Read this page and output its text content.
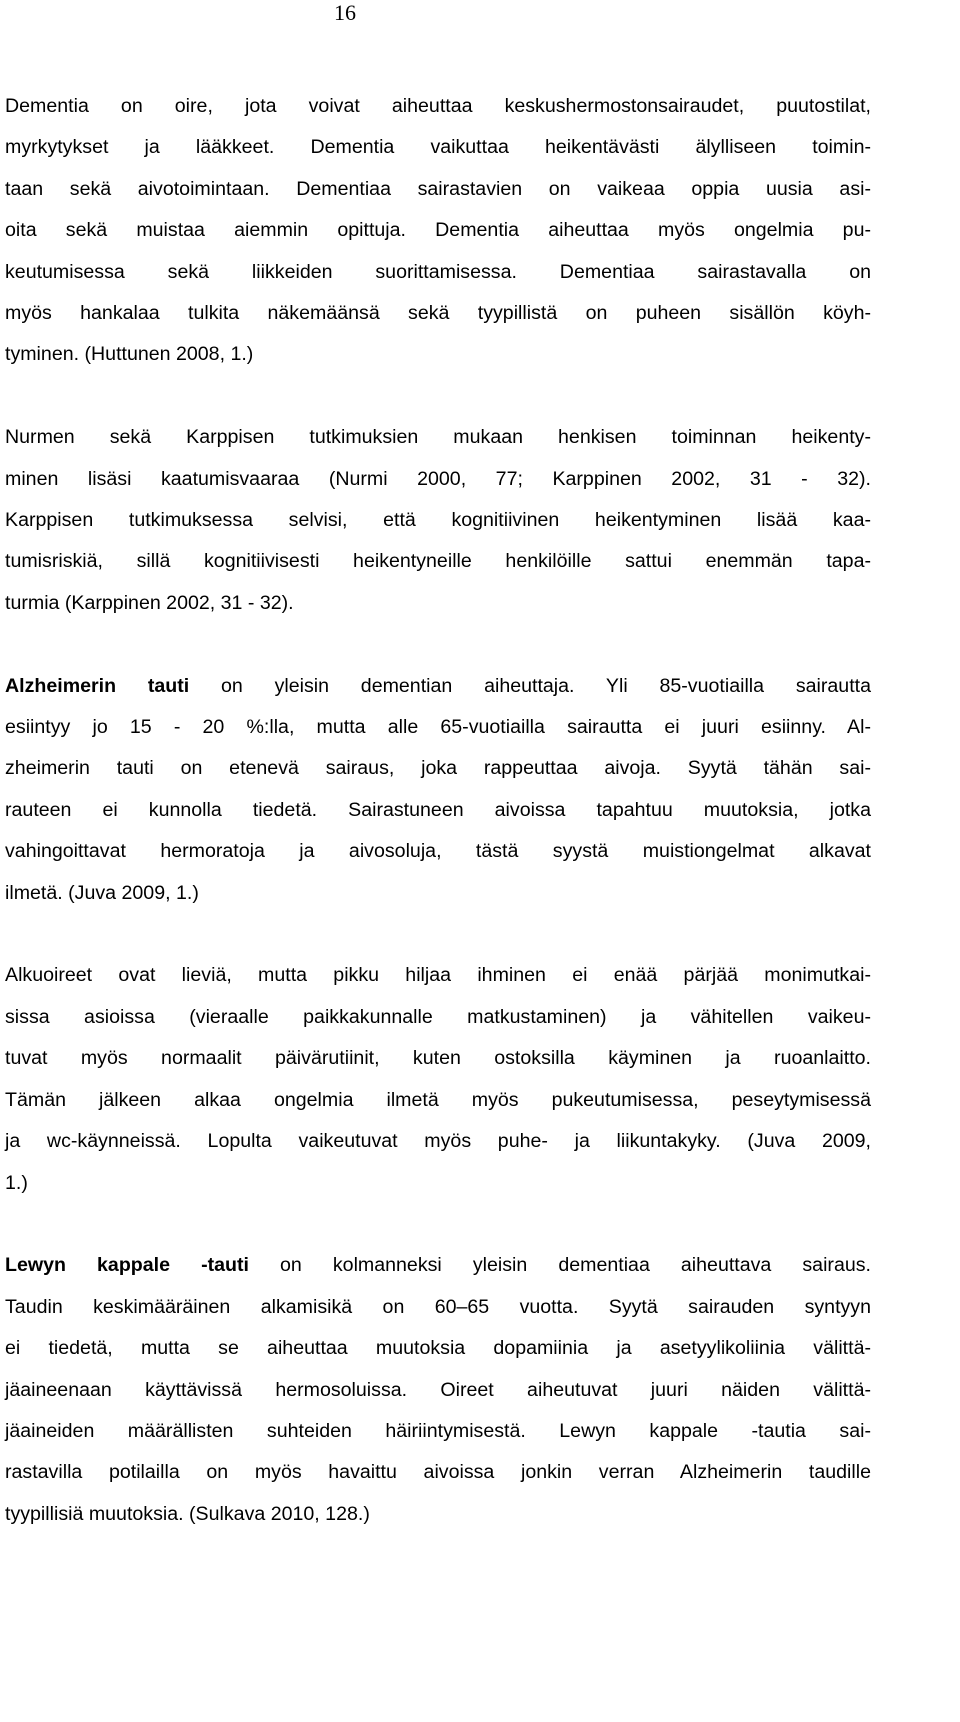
16

Dementia on oire, jota voivat aiheuttaa keskushermostonsairaudet, puutostilat,
myrkytykset ja lääkkeet. Dementia vaikuttaa heikentävästi älylliseen toimin-
taan sekä aivotoimintaan. Dementiaa sairastavien on vaikeaa oppia uusia asi-
oita sekä muistaa aiemmin opittuja. Dementia aiheuttaa myös ongelmia pu-
keutumisessa sekä liikkeiden suorittamisessa. Dementiaa sairastavalla on
myös hankalaa tulkita näkemäänsä sekä tyypillistä on puheen sisällön köyh-
tyminen. (Huttunen 2008, 1.)

Nurmen sekä Karppisen tutkimuksien mukaan henkisen toiminnan heikenty-
minen lisäsi kaatumisvaaraa (Nurmi 2000, 77; Karppinen 2002, 31 - 32).
Karppisen tutkimuksessa selvisi, että kognitiivinen heikentyminen lisää kaa-
tumisriskiä, sillä kognitiivisesti heikentyneille henkilöille sattui enemmän tapa-
turmia (Karppinen 2002, 31 - 32).

Alzheimerin tauti on yleisin dementian aiheuttaja. Yli 85-vuotiailla sairautta
esiintyy jo 15 - 20 %:lla, mutta alle 65-vuotiailla sairautta ei juuri esiinny. Al-
zheimerin tauti on etenevä sairaus, joka rappeuttaa aivoja. Syytä tähän sai-
rauteen ei kunnolla tiedetä. Sairastuneen aivoissa tapahtuu muutoksia, jotka
vahingoittavat hermoratoja ja aivosoluja, tästä syystä muistiongelmat alkavat
ilmetä. (Juva 2009, 1.)

Alkuoireet ovat lieviä, mutta pikku hiljaa ihminen ei enää pärjää monimutkai-
sissa asioissa (vieraalle paikkakunnalle matkustaminen) ja vähitellen vaikeu-
tuvat myös normaalit päivärutiinit, kuten ostoksilla käyminen ja ruoanlaitto.
Tämän jälkeen alkaa ongelmia ilmetä myös pukeutumisessa, peseytymisessä
ja wc-käynneissä. Lopulta vaikeutuvat myös puhe- ja liikuntakyky. (Juva 2009,
1.)

Lewyn kappale -tauti on kolmanneksi yleisin dementiaa aiheuttava sairaus.
Taudin keskimääräinen alkamisikä on 60–65 vuotta. Syytä sairauden syntyyn
ei tiedetä, mutta se aiheuttaa muutoksia dopamiinia ja asetyylikoliinia välittä-
jäaineenaan käyttävissä hermosoluissa. Oireet aiheutuvat juuri näiden välittä-
jäaineiden määrällisten suhteiden häiriintymisestä. Lewyn kappale -tautia sai-
rastavilla potilailla on myös havaittu aivoissa jonkin verran Alzheimerin taudille
tyypillisiä muutoksia. (Sulkava 2010, 128.)
